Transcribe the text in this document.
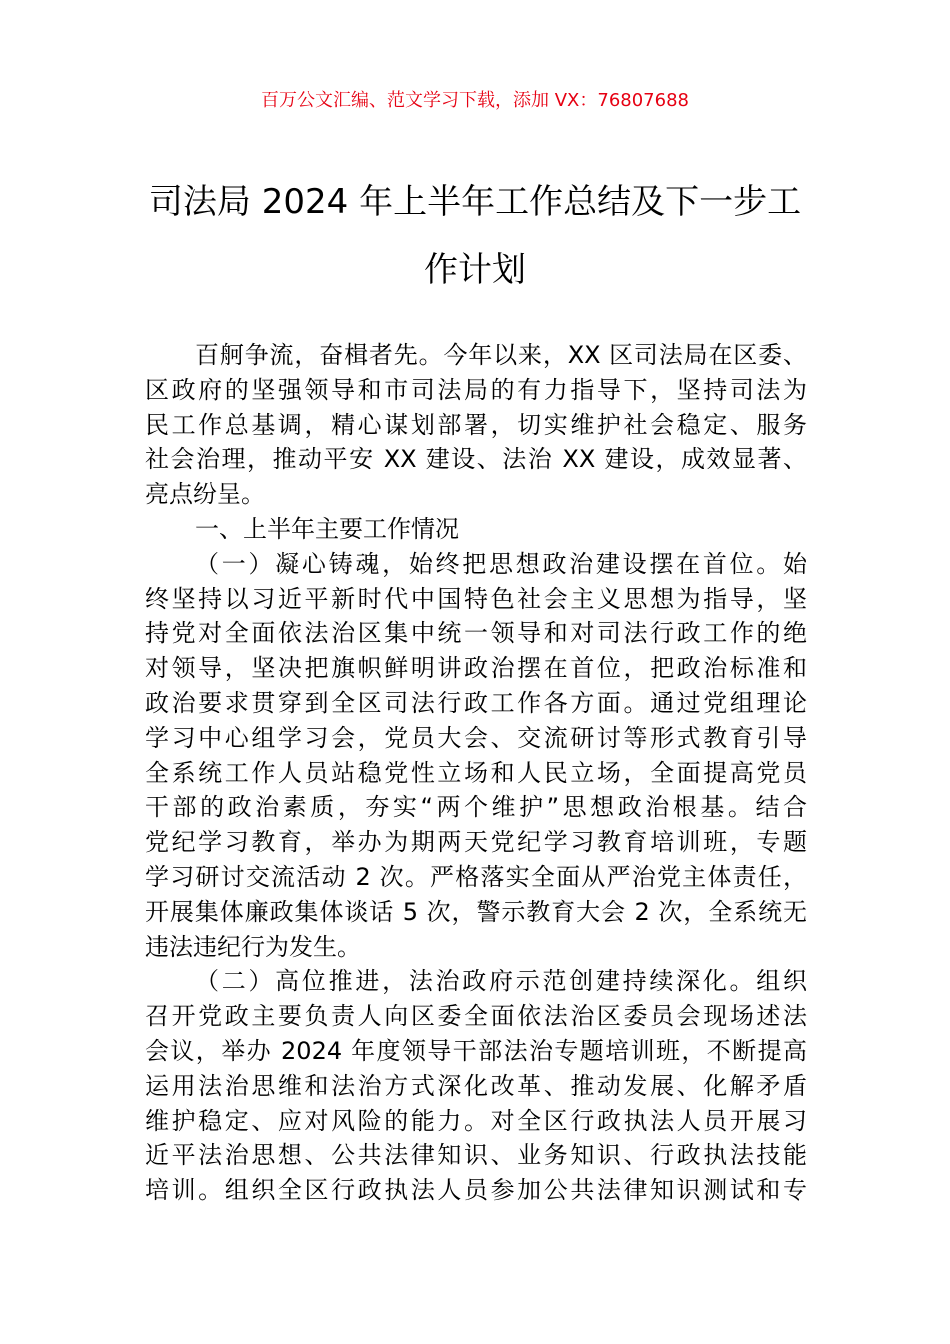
百万公文汇编、范文学习下载，添加 VX：76807688
司法局 2024 年上半年工作总结及下一步工
作计划
百舸争流，奋楫者先。今年以来，XX 区司法局在区委、
区政府的坚强领导和市司法局的有力指导下，坚持司法为
民工作总基调，精心谋划部署，切实维护社会稳定、服务
社会治理，推动平安 XX 建设、法治 XX 建设，成效显著、
亮点纷呈。
一、上半年主要工作情况
（一）凝心铸魂，始终把思想政治建设摆在首位。始
终坚持以习近平新时代中国特色社会主义思想为指导，坚
持党对全面依法治区集中统一领导和对司法行政工作的绝
对领导，坚决把旗帜鲜明讲政治摆在首位，把政治标准和
政治要求贯穿到全区司法行政工作各方面。通过党组理论
学习中心组学习会，党员大会、交流研讨等形式教育引导
全系统工作人员站稳党性立场和人民立场，全面提高党员
干部的政治素质，夯实“两个维护”思想政治根基。结合
党纪学习教育，举办为期两天党纪学习教育培训班，专题
学习研讨交流活动 2 次。严格落实全面从严治党主体责任，
开展集体廉政集体谈话 5 次，警示教育大会 2 次，全系统无
违法违纪行为发生。
（二）高位推进，法治政府示范创建持续深化。组织
召开党政主要负责人向区委全面依法治区委员会现场述法
会议，举办 2024 年度领导干部法治专题培训班，不断提高
运用法治思维和法治方式深化改革、推动发展、化解矛盾
维护稳定、应对风险的能力。对全区行政执法人员开展习
近平法治思想、公共法律知识、业务知识、行政执法技能
培训。组织全区行政执法人员参加公共法律知识测试和专
